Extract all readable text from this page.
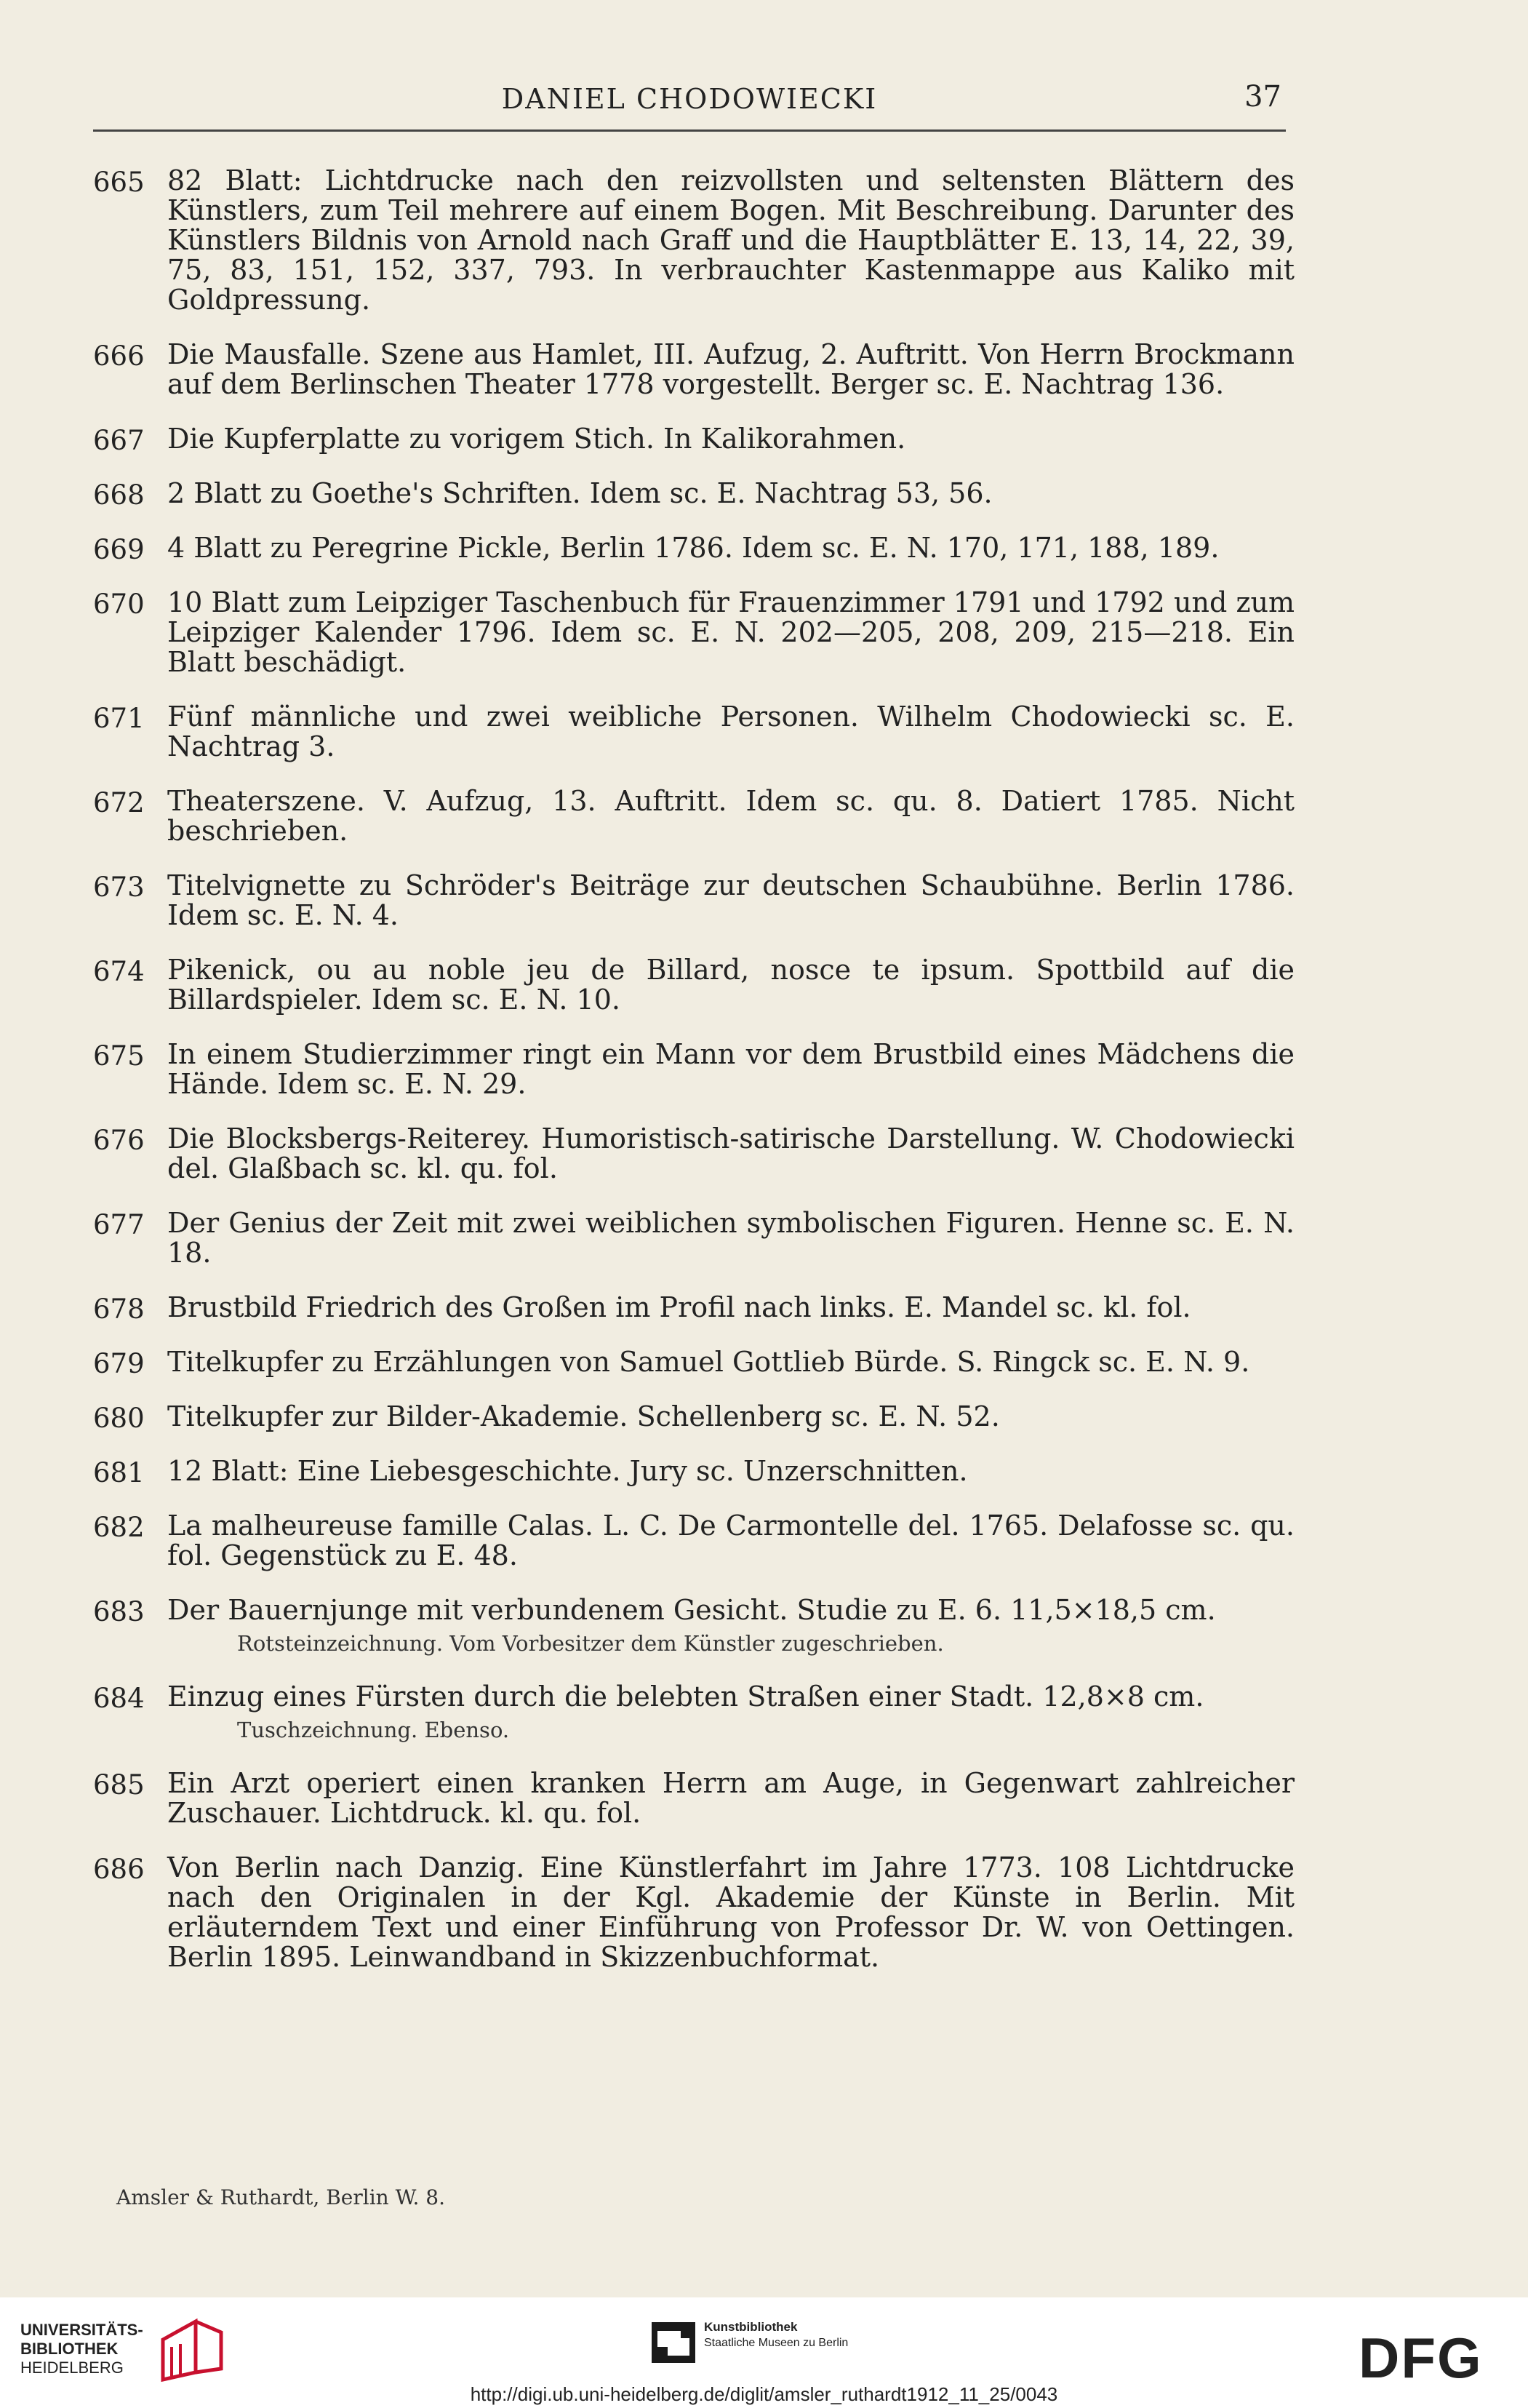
DANIEL CHODOWIECKI	37
665 82 Blatt: Lichtdrucke nach den reizvollsten und seltensten Blättern des Künstlers, zum Teil mehrere auf einem Bogen. Mit Beschreibung. Darunter des Künstlers Bildnis von Arnold nach Graff und die Hauptblätter E. 13, 14, 22, 39, 75, 83, 151, 152, 337, 793. In verbrauchter Kastenmappe aus Kaliko mit Goldpressung.
666 Die Mausfalle. Szene aus Hamlet, III. Aufzug, 2. Auftritt. Von Herrn Brockmann auf dem Berlinschen Theater 1778 vorgestellt. Berger sc. E. Nachtrag 136.
667 Die Kupferplatte zu vorigem Stich. In Kalikorahmen.
668 2 Blatt zu Goethe's Schriften. Idem sc. E. Nachtrag 53, 56.
669 4 Blatt zu Peregrine Pickle, Berlin 1786. Idem sc. E. N. 170, 171, 188, 189.
670 10 Blatt zum Leipziger Taschenbuch für Frauenzimmer 1791 und 1792 und zum Leipziger Kalender 1796. Idem sc. E. N. 202—205, 208, 209, 215—218. Ein Blatt beschädigt.
671 Fünf männliche und zwei weibliche Personen. Wilhelm Chodowiecki sc. E. Nachtrag 3.
672 Theaterszene. V. Aufzug, 13. Auftritt. Idem sc. qu. 8. Datiert 1785. Nicht beschrieben.
673 Titelvignette zu Schröder's Beiträge zur deutschen Schaubühne. Berlin 1786. Idem sc. E. N. 4.
674 Pikenick, ou au noble jeu de Billard, nosce te ipsum. Spottbild auf die Billardspieler. Idem sc. E. N. 10.
675 In einem Studierzimmer ringt ein Mann vor dem Brustbild eines Mädchens die Hände. Idem sc. E. N. 29.
676 Die Blocksbergs-Reiterey. Humoristisch-satirische Darstellung. W. Chodowiecki del. Glaßbach sc. kl. qu. fol.
677 Der Genius der Zeit mit zwei weiblichen symbolischen Figuren. Henne sc. E. N. 18.
678 Brustbild Friedrich des Großen im Profil nach links. E. Mandel sc. kl. fol.
679 Titelkupfer zu Erzählungen von Samuel Gottlieb Bürde. S. Ringck sc. E. N. 9.
680 Titelkupfer zur Bilder-Akademie. Schellenberg sc. E. N. 52.
681 12 Blatt: Eine Liebesgeschichte. Jury sc. Unzerschnitten.
682 La malheureuse famille Calas. L. C. De Carmontelle del. 1765. Delafosse sc. qu. fol. Gegenstück zu E. 48.
683 Der Bauernjunge mit verbundenem Gesicht. Studie zu E. 6. 11,5×18,5 cm.
Rotsteinzeichnung. Vom Vorbesitzer dem Künstler zugeschrieben.
684 Einzug eines Fürsten durch die belebten Straßen einer Stadt. 12,8×8 cm.
Tuschzeichnung. Ebenso.
685 Ein Arzt operiert einen kranken Herrn am Auge, in Gegenwart zahlreicher Zuschauer. Lichtdruck. kl. qu. fol.
686 Von Berlin nach Danzig. Eine Künstlerfahrt im Jahre 1773. 108 Lichtdrucke nach den Originalen in der Kgl. Akademie der Künste in Berlin. Mit erläuterndem Text und einer Einführung von Professor Dr. W. von Oettingen. Berlin 1895. Leinwandband in Skizzenbuchformat.
Amsler & Ruthardt, Berlin W. 8.
UNIVERSITÄTS-
BIBLIOTHEK
HEIDELBERG
Kunstbibliothek
Staatliche Museen zu Berlin	DFG
http://digi.ub.uni-heidelberg.de/diglit/amsler_ruthardt1912_11_25/0043
